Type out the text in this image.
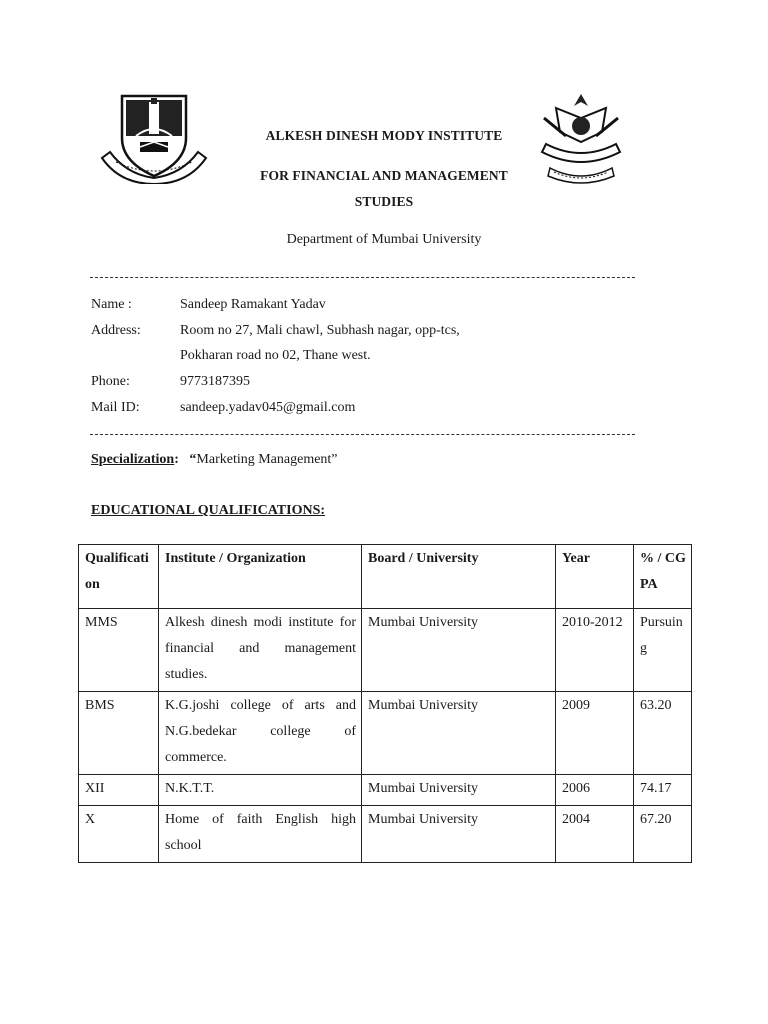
ALKESH DINESH MODY INSTITUTE
FOR FINANCIAL AND MANAGEMENT
STUDIES
Department of Mumbai University
Name :	Sandeep Ramakant Yadav
Address:	Room no 27, Mali chawl, Subhash nagar, opp-tcs,
Pokharan road no 02, Thane west.
Phone:	9773187395
Mail ID:	sandeep.yadav045@gmail.com
Specialization: “Marketing Management”
EDUCATIONAL QUALIFICATIONS:
Qualification	Institute / Organization	Board / University	Year	% / CGPA
MMS	Alkesh dinesh modi institute for financial and management studies.	Mumbai University	2010-2012	Pursuing
BMS	K.G.joshi college of arts and N.G.bedekar college of commerce.	Mumbai University	2009	63.20
XII	N.K.T.T.	Mumbai University	2006	74.17
X	Home of faith English high school	Mumbai University	2004	67.20
